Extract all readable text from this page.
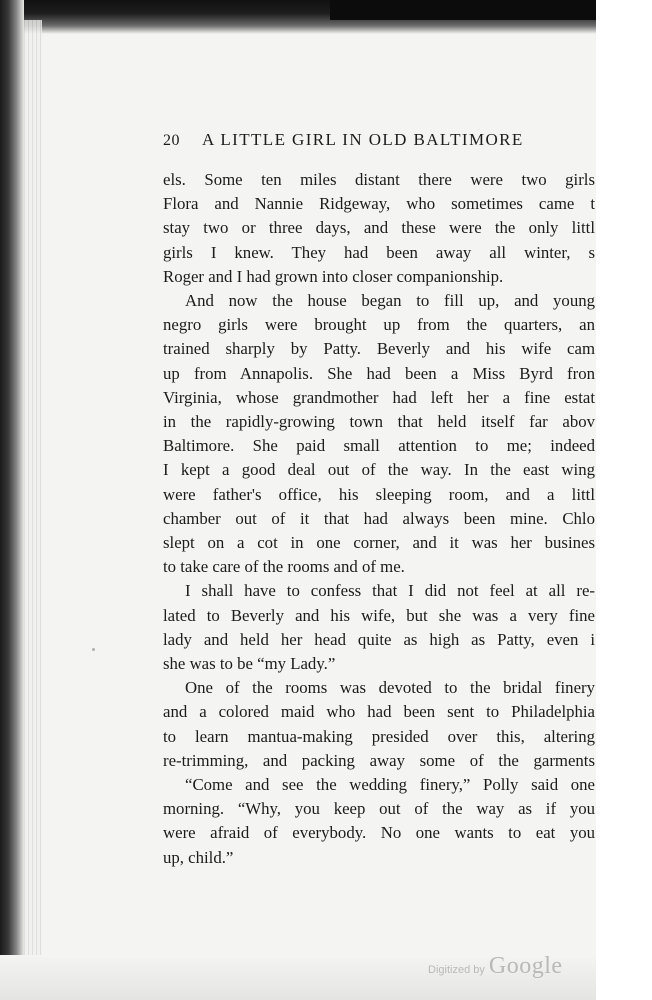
20 A LITTLE GIRL IN OLD BALTIMORE
els. Some ten miles distant there were two girls
Flora and Nannie Ridgeway, who sometimes came t
stay two or three days, and these were the only littl
girls I knew. They had been away all winter, s
Roger and I had grown into closer companionship.
And now the house began to fill up, and young
negro girls were brought up from the quarters, an
trained sharply by Patty. Beverly and his wife cam
up from Annapolis. She had been a Miss Byrd fron
Virginia, whose grandmother had left her a fine estat
in the rapidly-growing town that held itself far abov
Baltimore. She paid small attention to me; indeed
I kept a good deal out of the way. In the east wing
were father's office, his sleeping room, and a littl
chamber out of it that had always been mine. Chlo
slept on a cot in one corner, and it was her busines
to take care of the rooms and of me.
I shall have to confess that I did not feel at all re-
lated to Beverly and his wife, but she was a very fine
lady and held her head quite as high as Patty, even i
she was to be “my Lady.”
One of the rooms was devoted to the bridal finery
and a colored maid who had been sent to Philadelphia
to learn mantua-making presided over this, altering
re-trimming, and packing away some of the garments
“Come and see the wedding finery,” Polly said one
morning. “Why, you keep out of the way as if you
were afraid of everybody. No one wants to eat you
up, child.”
Digitized by Google
